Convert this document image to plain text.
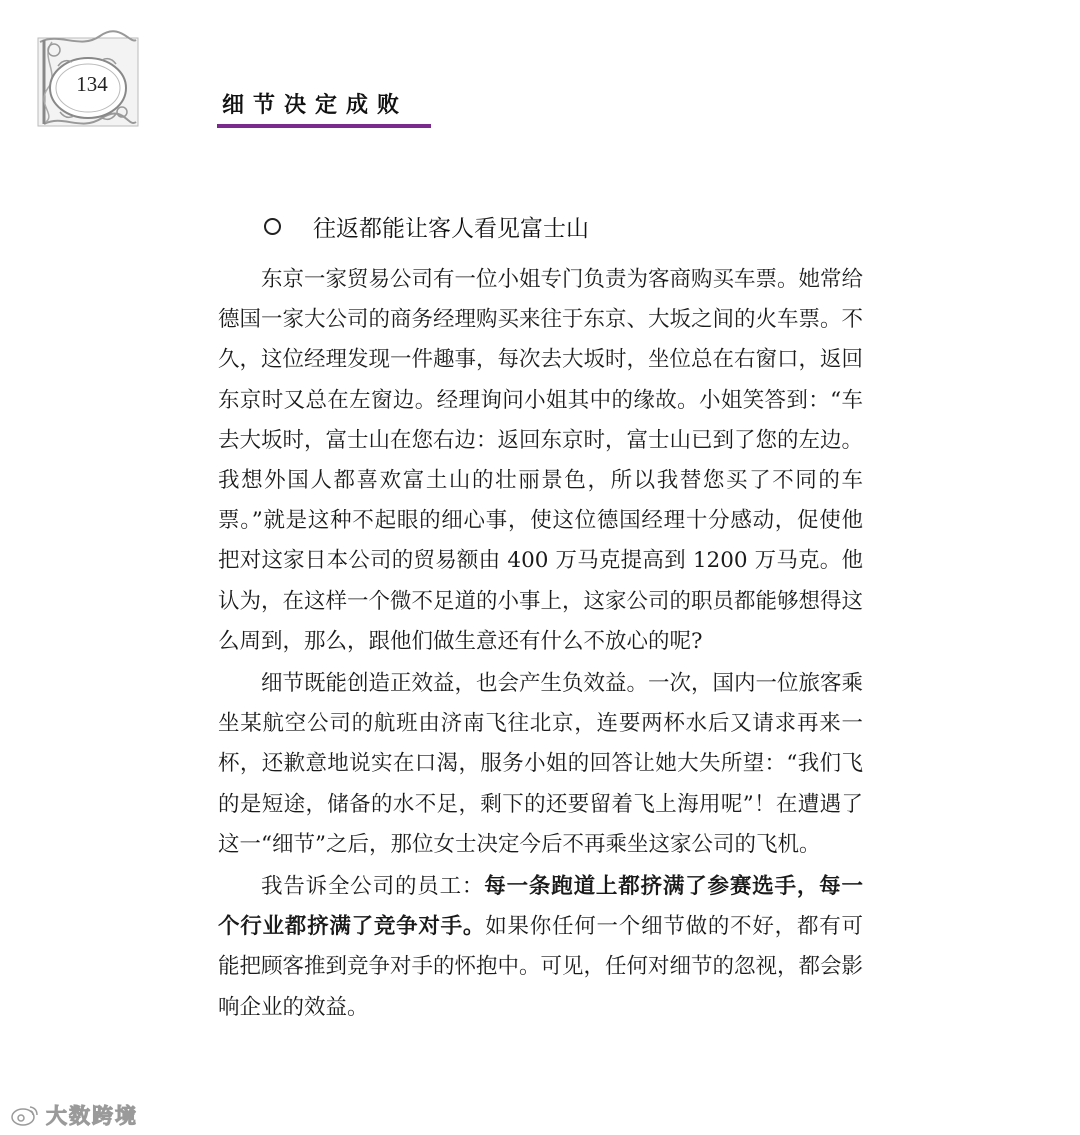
134
细节决定成败
往返都能让客人看见富士山

东京一家贸易公司有一位小姐专门负责为客商购买车票。她常给德国一家大公司的商务经理购买来往于东京、大坂之间的火车票。不久，这位经理发现一件趣事，每次去大坂时，坐位总在右窗口，返回东京时又总在左窗边。经理询问小姐其中的缘故。小姐笑答到：“车去大坂时，富士山在您右边：返回东京时，富士山已到了您的左边。我想外国人都喜欢富土山的壮丽景色，所以我替您买了不同的车票。”就是这种不起眼的细心事，使这位德国经理十分感动，促使他把对这家日本公司的贸易额由 400 万马克提高到 1200 万马克。他认为，在这样一个微不足道的小事上，这家公司的职员都能够想得这么周到，那么，跟他们做生意还有什么不放心的呢?

细节既能创造正效益，也会产生负效益。一次，国内一位旅客乘坐某航空公司的航班由济南飞往北京，连要两杯水后又请求再来一杯，还歉意地说实在口渴，服务小姐的回答让她大失所望：“我们飞的是短途，储备的水不足，剩下的还要留着飞上海用呢”！在遭遇了这一“细节”之后，那位女士决定今后不再乘坐这家公司的飞机。

我告诉全公司的员工：每一条跑道上都挤满了参赛选手，每一个行业都挤满了竞争对手。如果你任何一个细节做的不好，都有可能把顾客推到竞争对手的怀抱中。可见，任何对细节的忽视，都会影响企业的效益。

大数跨境
